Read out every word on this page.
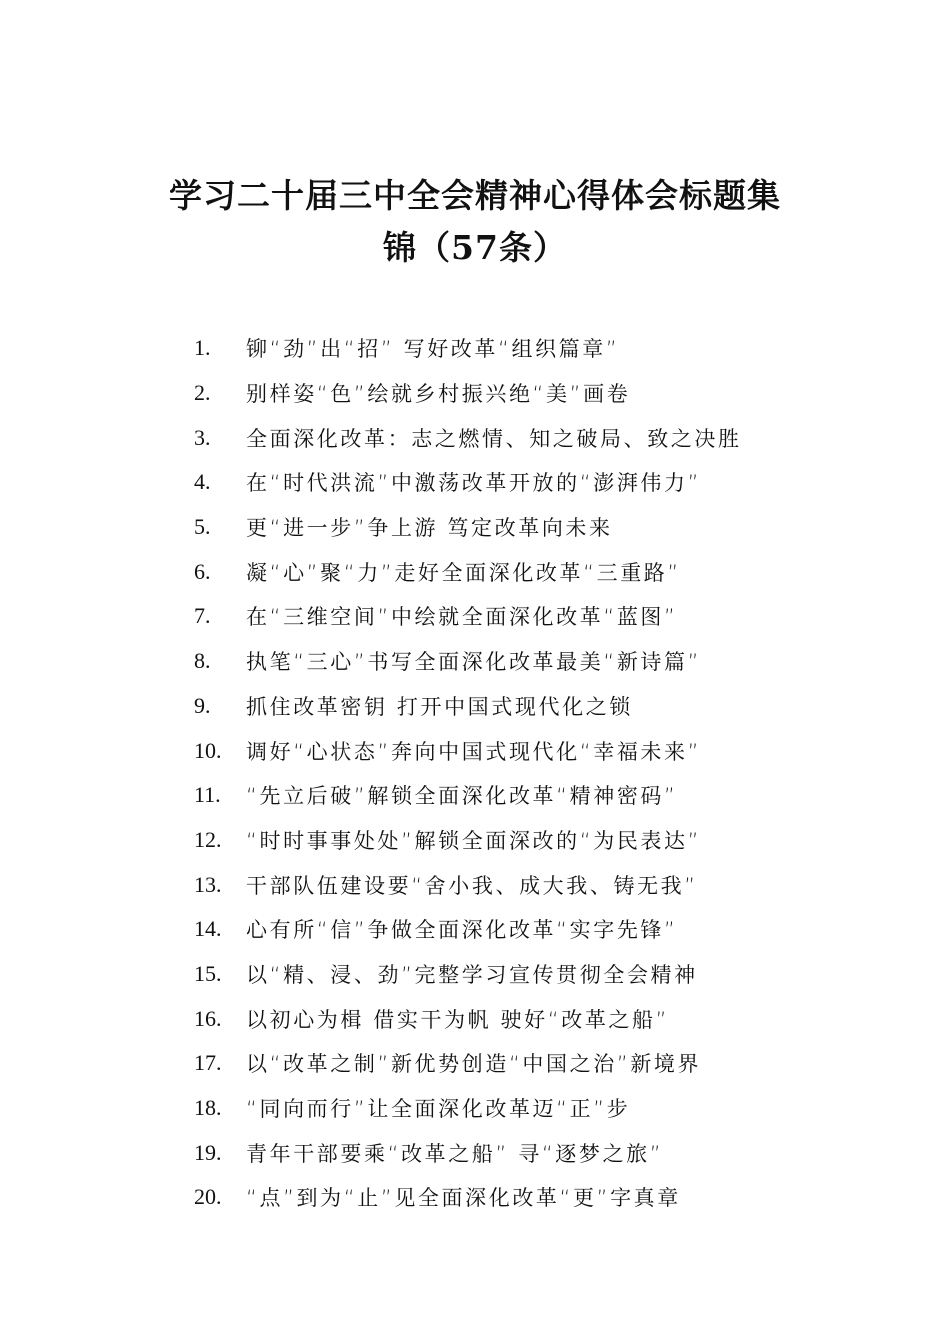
学习二十届三中全会精神心得体会标题集
锦（57条）
1.	铆“劲”出“招” 写好改革“组织篇章”
2.	别样姿“色”绘就乡村振兴绝“美”画卷
3.	全面深化改革：志之燃情、知之破局、致之决胜
4.	在“时代洪流”中激荡改革开放的“澎湃伟力”
5.	更“进一步”争上游 笃定改革向未来
6.	凝“心”聚“力”走好全面深化改革“三重路”
7.	在“三维空间”中绘就全面深化改革“蓝图”
8.	执笔“三心”书写全面深化改革最美“新诗篇”
9.	抓住改革密钥 打开中国式现代化之锁
10.	调好“心状态”奔向中国式现代化“幸福未来”
11.	“先立后破”解锁全面深化改革“精神密码”
12.	“时时事事处处”解锁全面深改的“为民表达”
13.	干部队伍建设要“舍小我、成大我、铸无我”
14.	心有所“信”争做全面深化改革“实字先锋”
15.	以“精、浸、劲”完整学习宣传贯彻全会精神
16.	以初心为楫 借实干为帆 驶好“改革之船”
17.	以“改革之制”新优势创造“中国之治”新境界
18.	“同向而行”让全面深化改革迈“正”步
19.	青年干部要乘“改革之船” 寻“逐梦之旅”
20.	“点”到为“止”见全面深化改革“更”字真章
